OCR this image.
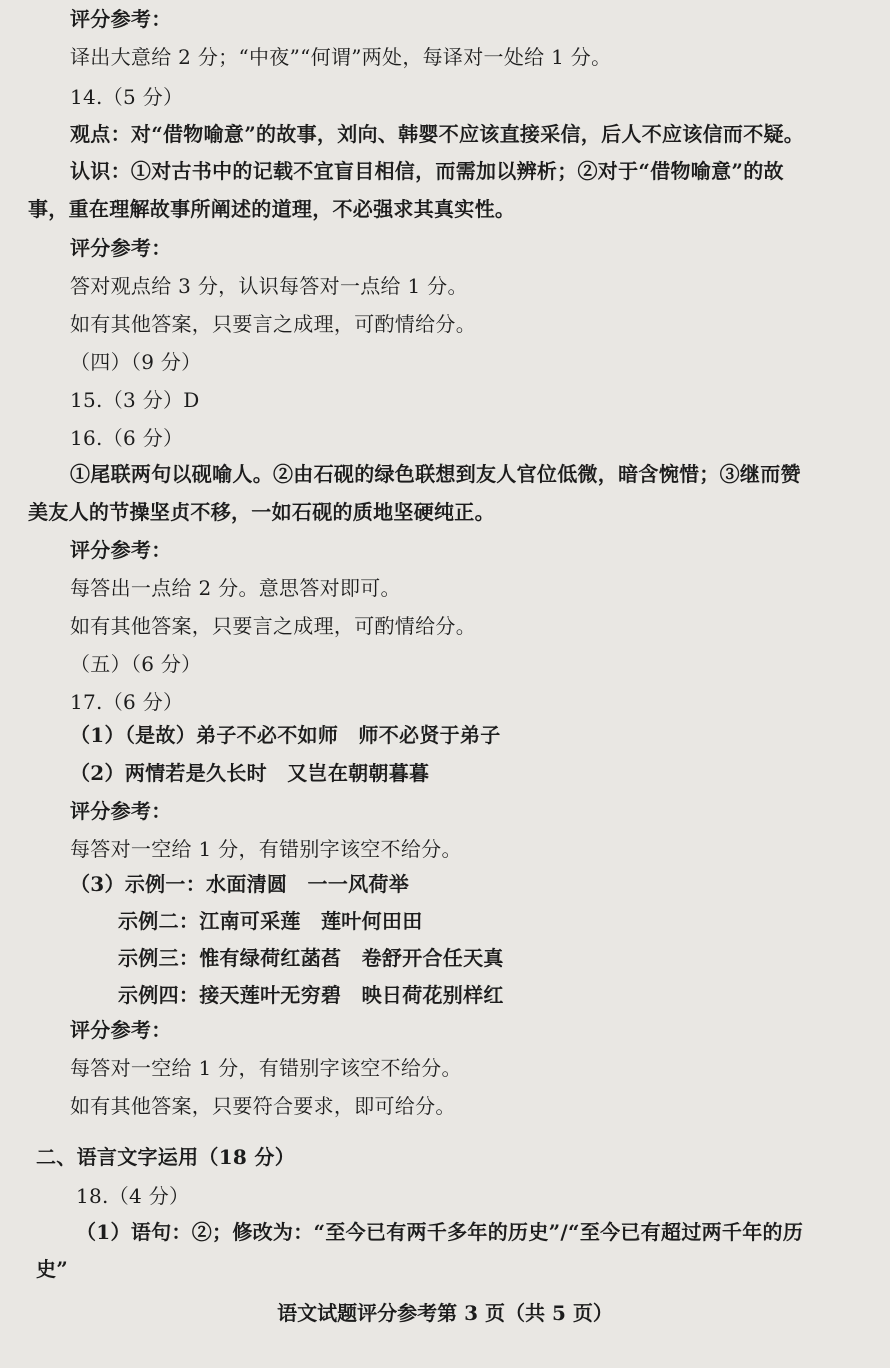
评分参考：
译出大意给 2 分；“中夜”“何谓”两处，每译对一处给 1 分。
14.（5 分）
观点：对“借物喻意”的故事，刘向、韩婴不应该直接采信，后人不应该信而不疑。
认识：①对古书中的记载不宜盲目相信，而需加以辨析；②对于“借物喻意”的故
事，重在理解故事所阐述的道理，不必强求其真实性。
评分参考：
答对观点给 3 分，认识每答对一点给 1 分。
如有其他答案，只要言之成理，可酌情给分。
（四）（9 分）
15.（3 分）D
16.（6 分）
①尾联两句以砚喻人。②由石砚的绿色联想到友人官位低微，暗含惋惜；③继而赞
美友人的节操坚贞不移，一如石砚的质地坚硬纯正。
评分参考：
每答出一点给 2 分。意思答对即可。
如有其他答案，只要言之成理，可酌情给分。
（五）（6 分）
17.（6 分）
（1）（是故）弟子不必不如师　师不必贤于弟子
（2）两情若是久长时　又岂在朝朝暮暮
评分参考：
每答对一空给 1 分，有错别字该空不给分。
（3）示例一：水面清圆　一一风荷举
示例二：江南可采莲　莲叶何田田
示例三：惟有绿荷红菡萏　卷舒开合任天真
示例四：接天莲叶无穷碧　映日荷花别样红
评分参考：
每答对一空给 1 分，有错别字该空不给分。
如有其他答案，只要符合要求，即可给分。
二、语言文字运用（18 分）
18.（4 分）
（1）语句：②；修改为：“至今已有两千多年的历史”/“至今已有超过两千年的历
史”
语文试题评分参考第 3 页（共 5 页）
